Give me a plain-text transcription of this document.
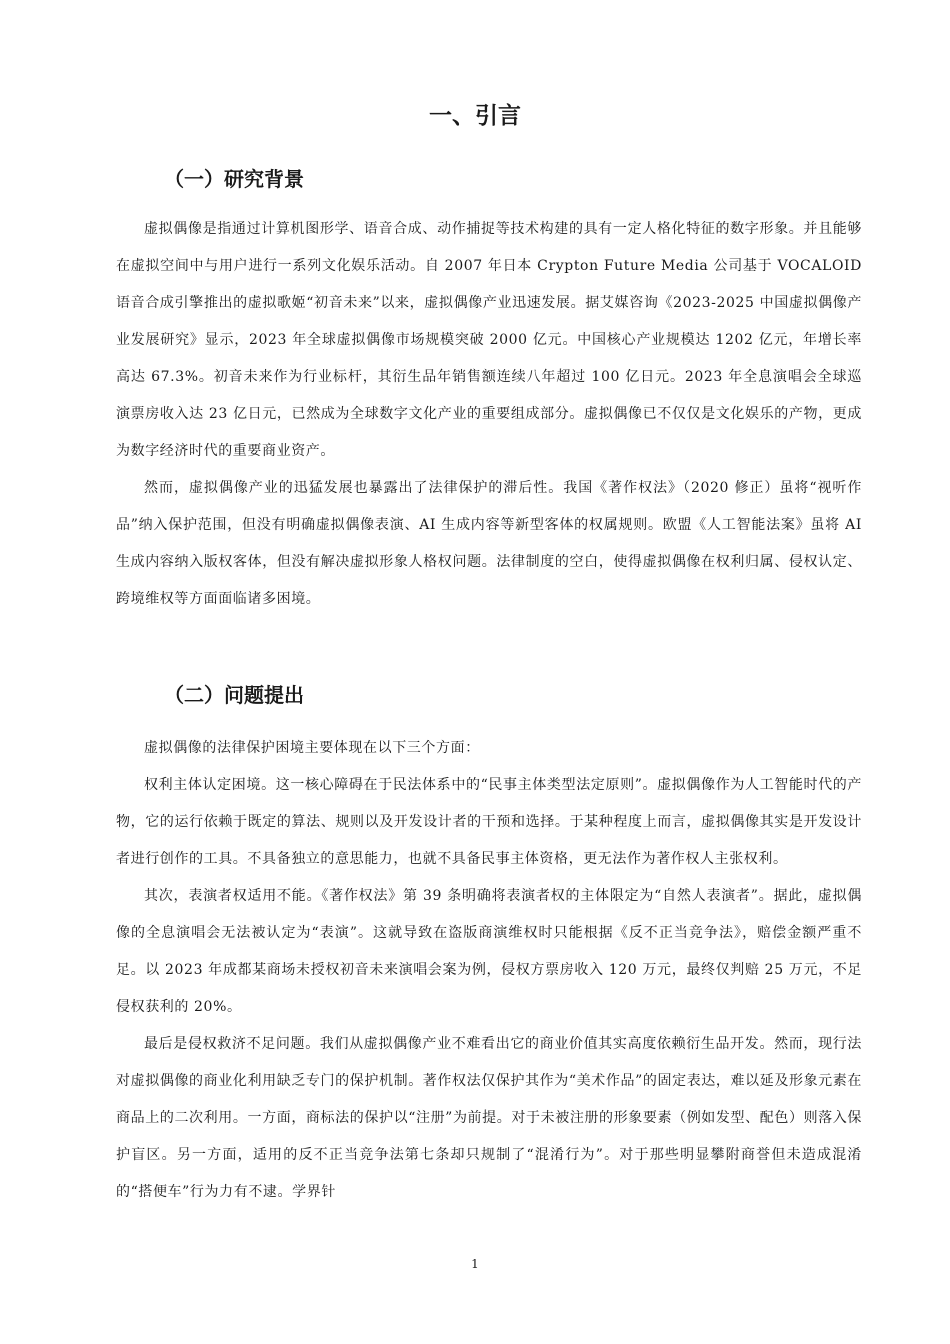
一、引言
（一）研究背景

虚拟偶像是指通过计算机图形学、语音合成、动作捕捉等技术构建的具有一定人格化特征的数字形象。并且能够在虚拟空间中与用户进行一系列文化娱乐活动。自 2007 年日本 Crypton Future Media 公司基于 VOCALOID 语音合成引擎推出的虚拟歌姬“初音未来”以来，虚拟偶像产业迅速发展。据艾媒咨询《2023-2025 中国虚拟偶像产业发展研究》显示，2023 年全球虚拟偶像市场规模突破 2000 亿元。中国核心产业规模达 1202 亿元，年增长率高达 67.3%。初音未来作为行业标杆，其衍生品年销售额连续八年超过 100 亿日元。2023 年全息演唱会全球巡演票房收入达 23 亿日元，已然成为全球数字文化产业的重要组成部分。虚拟偶像已不仅仅是文化娱乐的产物，更成为数字经济时代的重要商业资产。

然而，虚拟偶像产业的迅猛发展也暴露出了法律保护的滞后性。我国《著作权法》（2020 修正）虽将“视听作品”纳入保护范围，但没有明确虚拟偶像表演、AI 生成内容等新型客体的权属规则。欧盟《人工智能法案》虽将 AI 生成内容纳入版权客体，但没有解决虚拟形象人格权问题。法律制度的空白，使得虚拟偶像在权利归属、侵权认定、跨境维权等方面面临诸多困境。

（二）问题提出

虚拟偶像的法律保护困境主要体现在以下三个方面：

权利主体认定困境。这一核心障碍在于民法体系中的“民事主体类型法定原则”。虚拟偶像作为人工智能时代的产物，它的运行依赖于既定的算法、规则以及开发设计者的干预和选择。于某种程度上而言，虚拟偶像其实是开发设计者进行创作的工具。不具备独立的意思能力，也就不具备民事主体资格，更无法作为著作权人主张权利。

其次，表演者权适用不能。《著作权法》第 39 条明确将表演者权的主体限定为“自然人表演者”。据此，虚拟偶像的全息演唱会无法被认定为“表演”。这就导致在盗版商演维权时只能根据《反不正当竞争法》，赔偿金额严重不足。以 2023 年成都某商场未授权初音未来演唱会案为例，侵权方票房收入 120 万元，最终仅判赔 25 万元，不足侵权获利的 20%。

最后是侵权救济不足问题。我们从虚拟偶像产业不难看出它的商业价值其实高度依赖衍生品开发。然而，现行法对虚拟偶像的商业化利用缺乏专门的保护机制。著作权法仅保护其作为“美术作品”的固定表达，难以延及形象元素在商品上的二次利用。一方面，商标法的保护以“注册”为前提。对于未被注册的形象要素（例如发型、配色）则落入保护盲区。另一方面，适用的反不正当竞争法第七条却只规制了“混淆行为”。对于那些明显攀附商誉但未造成混淆的“搭便车”行为力有不逮。学界针

1
